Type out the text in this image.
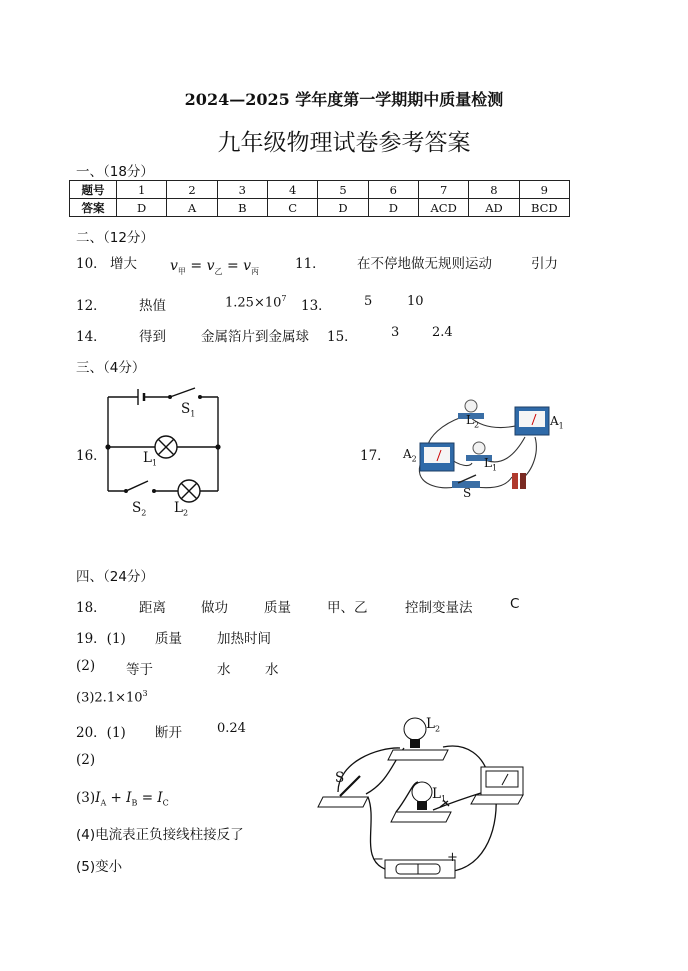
2024—2025 学年度第一学期期中质量检测
九年级物理试卷参考答案
一、（18分）
题号	1	2	3	4	5	6	7	8	9
答案	D	A	B	C	D	D	ACD	AD	BCD
二、（12分）
10． 增大 $v_甲 = v_乙 = v_丙$	11． 在不停地做无规则运动	引力
12． 热值	$1.25\times 10^7$ 13． 5	10
14． 得到	金属箔片到金属球 15．	3	2.4
三、（4分）
16．
$S_1$
$L_1$
$S_2$ $L_2$
17．
$L_2$	$A_1$
$A_2$	$L_1$
S
四、（24分）
18． 距离	做功	质量	甲、乙	控制变量法	C
19．(1) 质量	加热时间
(2) 等于	水	水
$(3)2.1\times 10^3$
20．(1) 断开	0.24
(2)
$(3)I_A + I_B = I_C$
(4)电流表正负接线柱接反了
(5)变小
$L_2$
$L_1$
S
−	+
